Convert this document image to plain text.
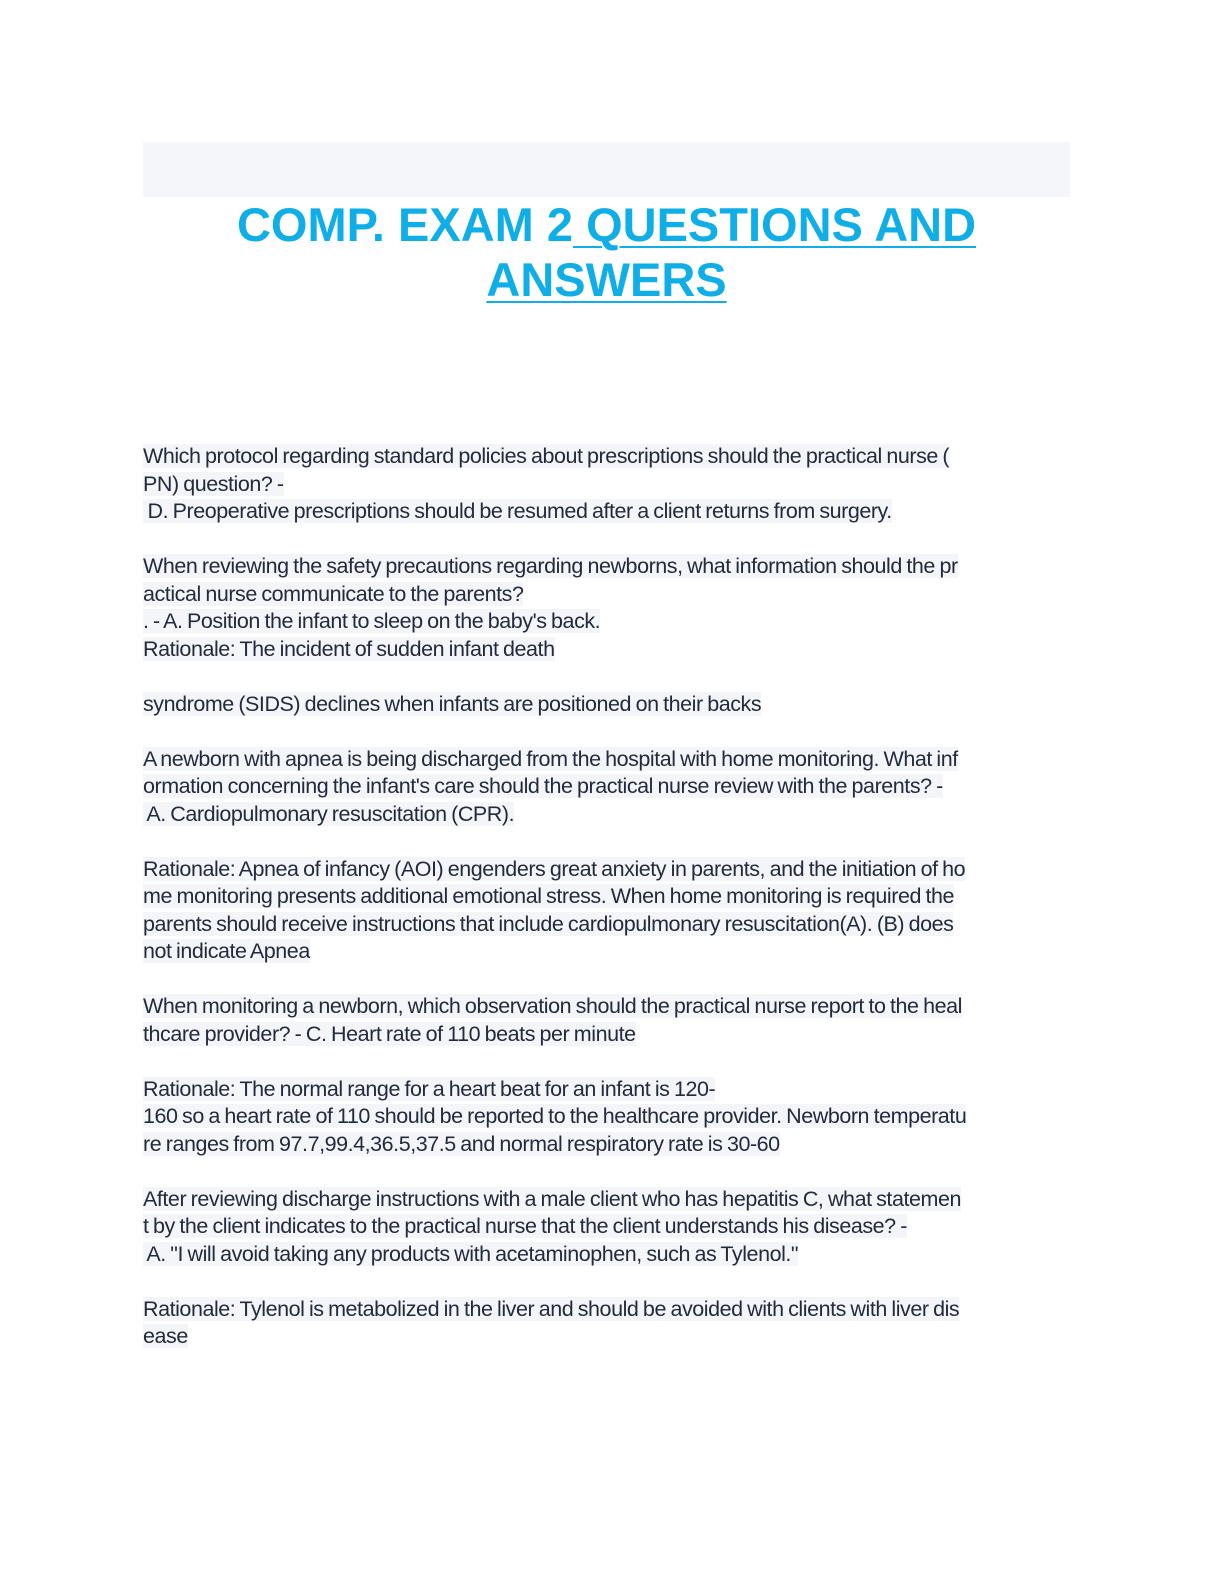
COMP. EXAM 2 QUESTIONS AND
ANSWERS
Which protocol regarding standard policies about prescriptions should the practical nurse (
PN) question? -
D. Preoperative prescriptions should be resumed after a client returns from surgery.
When reviewing the safety precautions regarding newborns, what information should the pr
actical nurse communicate to the parents?
. - A. Position the infant to sleep on the baby's back.
Rationale: The incident of sudden infant death
syndrome (SIDS) declines when infants are positioned on their backs
A newborn with apnea is being discharged from the hospital with home monitoring. What inf
ormation concerning the infant's care should the practical nurse review with the parents? -
A. Cardiopulmonary resuscitation (CPR).
Rationale: Apnea of infancy (AOI) engenders great anxiety in parents, and the initiation of ho
me monitoring presents additional emotional stress. When home monitoring is required the
parents should receive instructions that include cardiopulmonary resuscitation(A). (B) does
not indicate Apnea
When monitoring a newborn, which observation should the practical nurse report to the heal
thcare provider? - C. Heart rate of 110 beats per minute
Rationale: The normal range for a heart beat for an infant is 120-
160 so a heart rate of 110 should be reported to the healthcare provider. Newborn temperatu
re ranges from 97.7,99.4,36.5,37.5 and normal respiratory rate is 30-60
After reviewing discharge instructions with a male client who has hepatitis C, what statemen
t by the client indicates to the practical nurse that the client understands his disease? -
A. "I will avoid taking any products with acetaminophen, such as Tylenol."
Rationale: Tylenol is metabolized in the liver and should be avoided with clients with liver dis
ease
